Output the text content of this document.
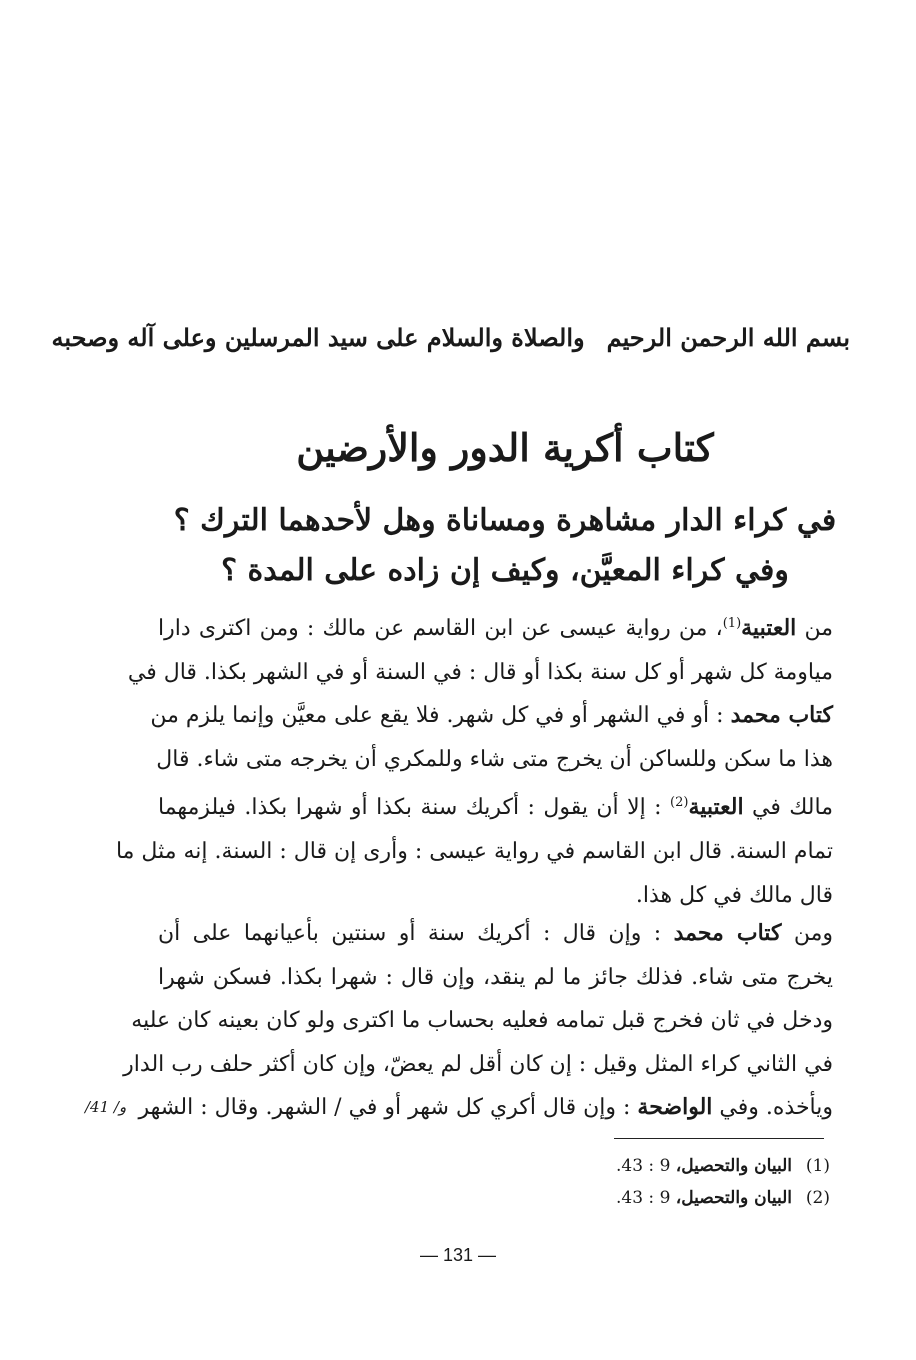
بسم الله الرحمن الرحيموالصلاة والسلام على سيد المرسلين وعلى آله وصحبه
كتاب أكرية الدور والأرضين
في كراء الدار مشاهرة ومساناة وهل لأحدهما الترك ؟
وفي كراء المعيَّن، وكيف إن زاده على المدة ؟
من العتبية$^{(1)}$، من رواية عيسى عن ابن القاسم عن مالك : ومن اكترى دارا
مياومة كل شهر أو كل سنة بكذا أو قال : في السنة أو في الشهر بكذا. قال في
كتاب محمد : أو في الشهر أو في كل شهر. فلا يقع على معيَّن وإنما يلزم من
هذا ما سكن وللساكن أن يخرج متى شاء وللمكري أن يخرجه متى شاء. قال
مالك في العتبية$^{(2)}$ : إلا أن يقول : أكريك سنة بكذا أو شهرا بكذا. فيلزمهما
تمام السنة. قال ابن القاسم في رواية عيسى : وأرى إن قال : السنة. إنه مثل ما
قال مالك في كل هذا.
ومن كتاب محمد : وإن قال : أكريك سنة أو سنتين بأعيانهما على أن
يخرج متى شاء. فذلك جائز ما لم ينقد، وإن قال : شهرا بكذا. فسكن شهرا
ودخل في ثان فخرج قبل تمامه فعليه بحساب ما اكترى ولو كان بعينه كان عليه
في الثاني كراء المثل وقيل : إن كان أقل لم يعضّ، وإن كان أكثر حلف رب الدار
ويأخذه. وفي الواضحة : وإن قال أكري كل شهر أو في / الشهر. وقال : الشهر
/41 /و
(1)البيان والتحصيل، 9 : 43.
(2)البيان والتحصيل، 9 : 43.
— 131 —
